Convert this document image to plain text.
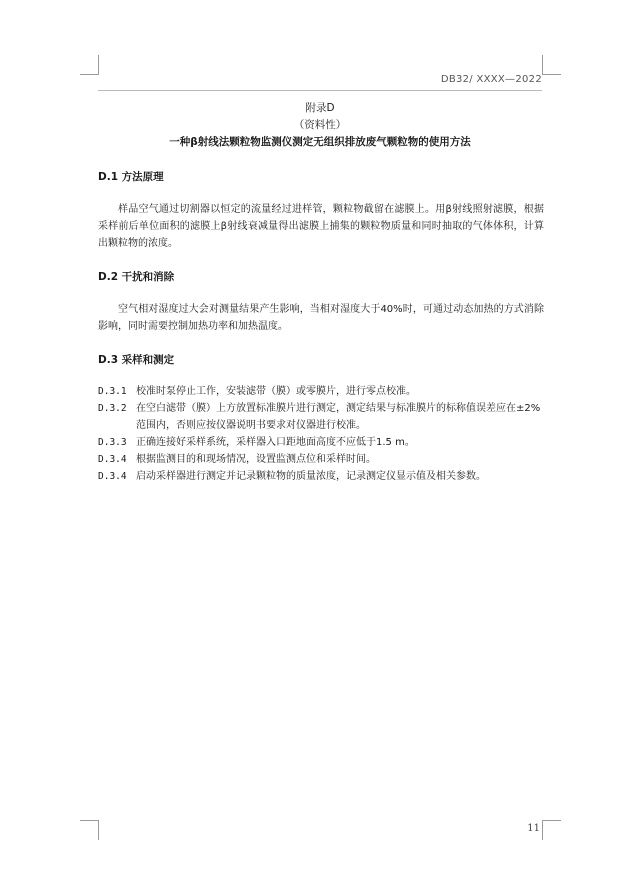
DB32/ XXXX—2022
附录D
（资料性）
一种β射线法颗粒物监测仪测定无组织排放废气颗粒物的使用方法
D.1 方法原理
样品空气通过切割器以恒定的流量经过进样管，颗粒物截留在滤膜上。用β射线照射滤膜，根据采样前后单位面积的滤膜上β射线衰减量得出滤膜上捕集的颗粒物质量和同时抽取的气体体积，计算出颗粒物的浓度。
D.2 干扰和消除
空气相对湿度过大会对测量结果产生影响，当相对湿度大于40%时，可通过动态加热的方式消除影响，同时需要控制加热功率和加热温度。
D.3 采样和测定
D.3.1 校准时泵停止工作，安装滤带（膜）或零膜片，进行零点校准。
D.3.2 在空白滤带（膜）上方放置标准膜片进行测定，测定结果与标准膜片的标称值误差应在±2%范围内，否则应按仪器说明书要求对仪器进行校准。
D.3.3 正确连接好采样系统，采样器入口距地面高度不应低于1.5 m。
D.3.4 根据监测目的和现场情况，设置监测点位和采样时间。
D.3.4 启动采样器进行测定并记录颗粒物的质量浓度，记录测定仪显示值及相关参数。
11
